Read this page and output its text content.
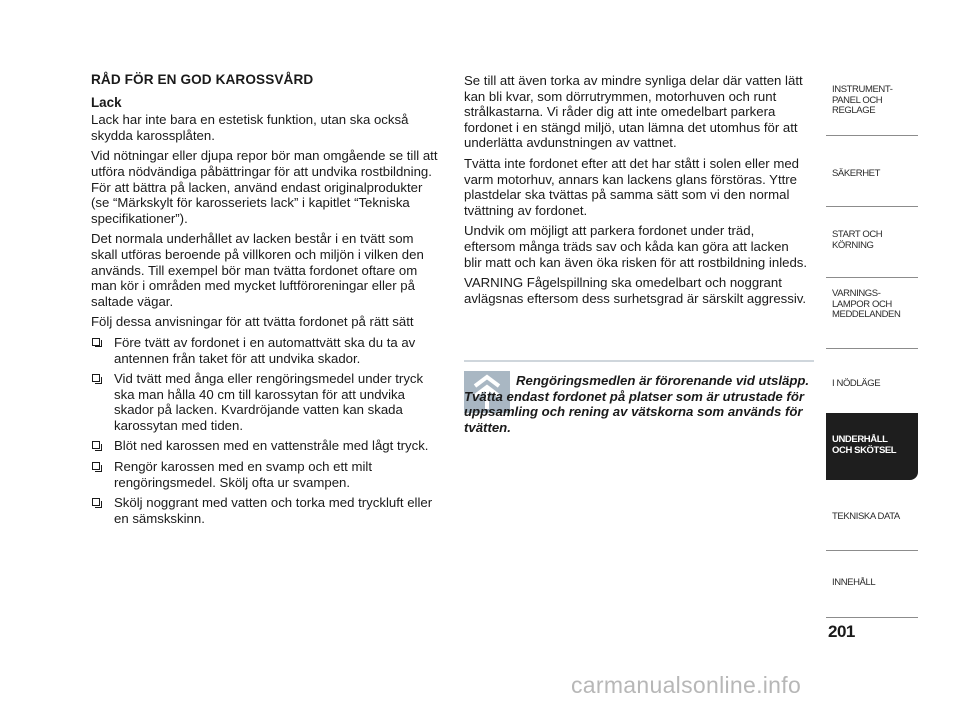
RÅD FÖR EN GOD KAROSSVÅRD
Lack

Lack har inte bara en estetisk funktion, utan ska också skydda karossplåten.

Vid nötningar eller djupa repor bör man omgående se till att utföra nödvändiga påbättringar för att undvika rostbildning. För att bättra på lacken, använd endast originalprodukter (se “Märkskylt för karosseriets lack” i kapitlet “Tekniska specifikationer”).

Det normala underhållet av lacken består i en tvätt som skall utföras beroende på villkoren och miljön i vilken den används. Till exempel bör man tvätta fordonet oftare om man kör i områden med mycket luftföroreningar eller på saltade vägar.

Följ dessa anvisningar för att tvätta fordonet på rätt sätt

Före tvätt av fordonet i en automattvätt ska du ta av antennen från taket för att undvika skador.
Vid tvätt med ånga eller rengöringsmedel under tryck ska man hålla 40 cm till karossytan för att undvika skador på lacken. Kvardröjande vatten kan skada karossytan med tiden.
Blöt ned karossen med en vattenstråle med lågt tryck.
Rengör karossen med en svamp och ett milt rengöringsmedel. Skölj ofta ur svampen.
Skölj noggrant med vatten och torka med tryckluft eller en sämskskinn.

Se till att även torka av mindre synliga delar där vatten lätt kan bli kvar, som dörrutrymmen, motorhuven och runt strålkastarna. Vi råder dig att inte omedelbart parkera fordonet i en stängd miljö, utan lämna det utomhus för att underlätta avdunstningen av vattnet.

Tvätta inte fordonet efter att det har stått i solen eller med varm motorhuv, annars kan lackens glans förstöras. Yttre plastdelar ska tvättas på samma sätt som vi den normal tvättning av fordonet.

Undvik om möjligt att parkera fordonet under träd, eftersom många träds sav och kåda kan göra att lacken blir matt och kan även öka risken för att rostbildning inleds.

VARNING Fågelspillning ska omedelbart och noggrant avlägsnas eftersom dess surhetsgrad är särskilt aggressiv.

Rengöringsmedlen är förorenande vid utsläpp. Tvätta endast fordonet på platser som är utrustade för uppsamling och rening av vätskorna som används för tvätten.
INSTRUMENT-
PANEL OCH
REGLAGE
SÄKERHET
START OCH
KÖRNING
VARNINGS-
LAMPOR OCH
MEDDELANDEN
I NÖDLÄGE
UNDERHÅLL
OCH SKÖTSEL
TEKNISKA DATA
INNEHÅLL
201
carmanualsonline.info
